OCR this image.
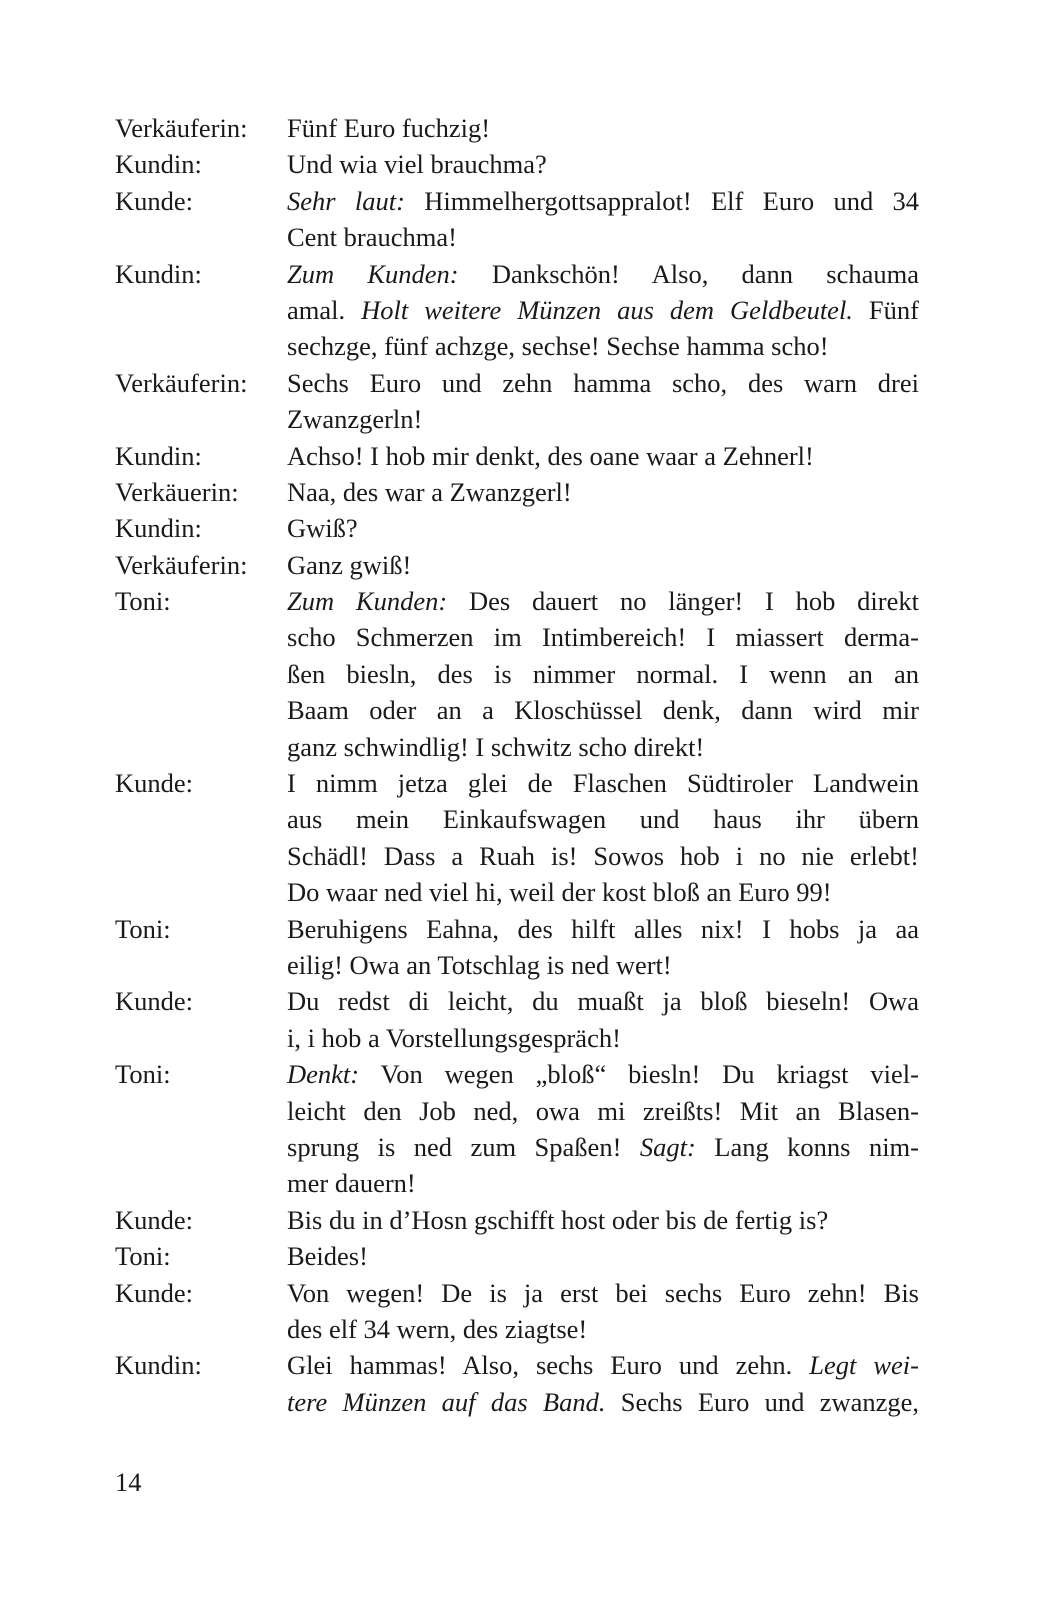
Verkäuferin: Fünf Euro fuchzig!
Kundin:	Und wia viel brauchma?
Kunde:	Sehr laut: Himmelhergottsappralot! Elf Euro und 34
Cent brauchma!
Kundin:	Zum Kunden: Dankschön! Also, dann schauma
amal. Holt weitere Münzen aus dem Geldbeutel. Fünf
sechzge, fünf achzge, sechse! Sechse hamma scho!
Verkäuferin: Sechs Euro und zehn hamma scho, des warn drei
Zwanzgerln!
Kundin:	Achso! I hob mir denkt, des oane waar a Zehnerl!
Verkäuerin: Naa, des war a Zwanzgerl!
Kundin:	Gwiß?
Verkäuferin: Ganz gwiß!
Toni:	Zum Kunden: Des dauert no länger! I hob direkt
scho Schmerzen im Intimbereich! I miassert derma-
ßen biesln, des is nimmer normal. I wenn an an
Baam oder an a Kloschüssel denk, dann wird mir
ganz schwindlig! I schwitz scho direkt!
Kunde:	I nimm jetza glei de Flaschen Südtiroler Landwein
aus mein Einkaufswagen und haus ihr übern
Schädl! Dass a Ruah is! Sowos hob i no nie erlebt!
Do waar ned viel hi, weil der kost bloß an Euro 99!
Toni:	Beruhigens Eahna, des hilft alles nix! I hobs ja aa
eilig! Owa an Totschlag is ned wert!
Kunde:	Du redst di leicht, du muaßt ja bloß bieseln! Owa
i, i hob a Vorstellungsgespräch!
Toni:	Denkt: Von wegen „bloß“ biesln! Du kriagst viel-
leicht den Job ned, owa mi zreißts! Mit an Blasen-
sprung is ned zum Spaßen! Sagt: Lang konns nim-
mer dauern!
Kunde:	Bis du in d’Hosn gschifft host oder bis de fertig is?
Toni:	Beides!
Kunde:	Von wegen! De is ja erst bei sechs Euro zehn! Bis
des elf 34 wern, des ziagtse!
Kundin:	Glei hammas! Also, sechs Euro und zehn. Legt wei-
tere Münzen auf das Band. Sechs Euro und zwanzge,
14
